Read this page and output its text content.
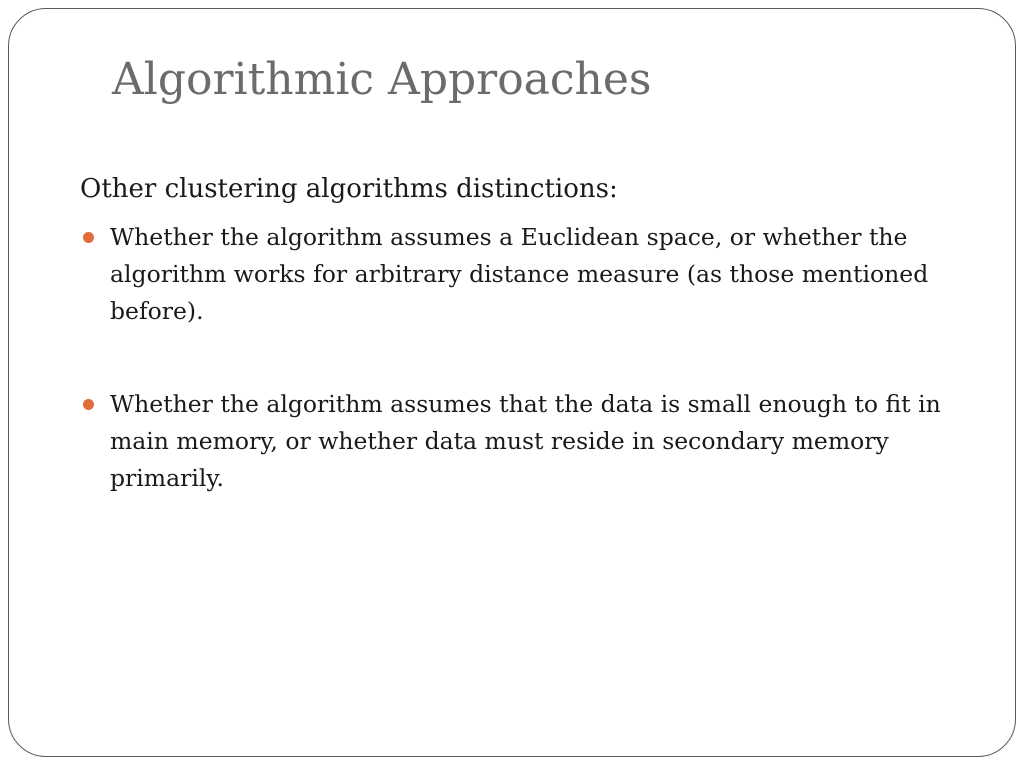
Algorithmic Approaches

Other clustering algorithms distinctions:

Whether the algorithm assumes a Euclidean space, or whether the algorithm works for arbitrary distance measure (as those mentioned before).
Whether the algorithm assumes that the data is small enough to fit in main memory, or whether data must reside in secondary memory primarily.
